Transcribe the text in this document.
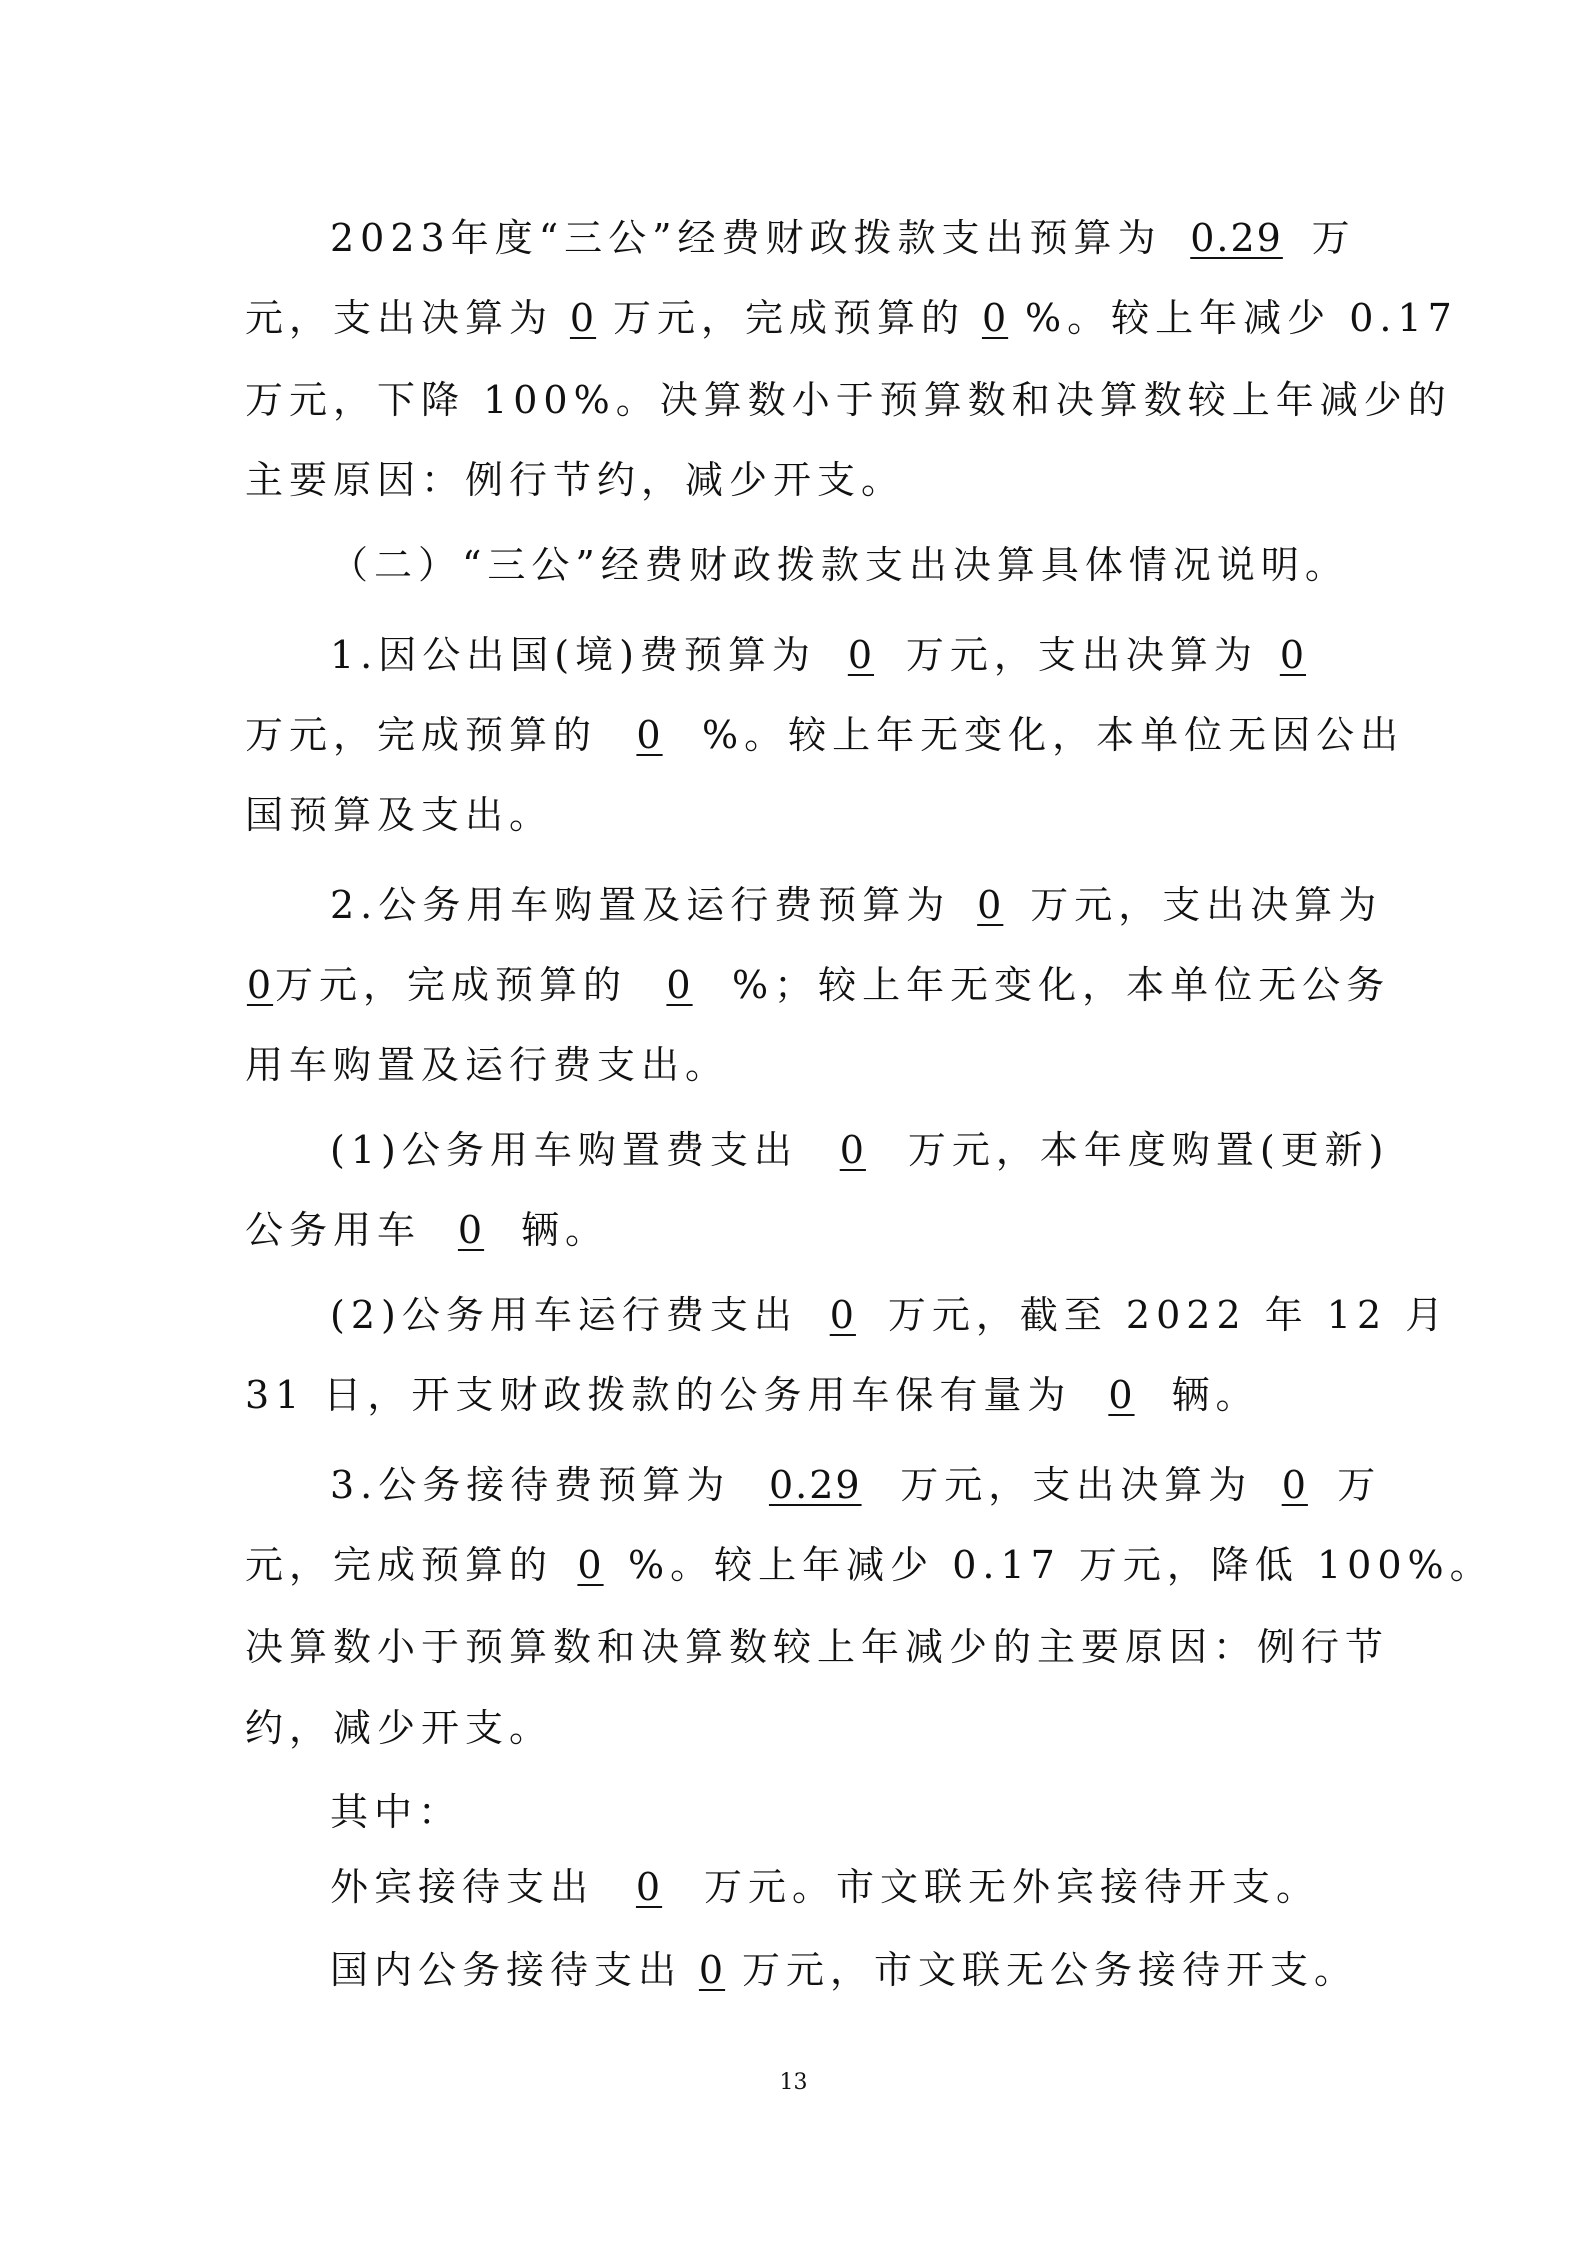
2023年度“三公”经费财政拨款支出预算为 0.29 万

元，支出决算为 0 万元，完成预算的 0 %。较上年减少 0.17

万元，下降 100%。决算数小于预算数和决算数较上年减少的

主要原因：例行节约，减少开支。

（二）“三公”经费财政拨款支出决算具体情况说明。

1.因公出国(境)费预算为 0 万元，支出决算为 0

万元，完成预算的 0 %。较上年无变化，本单位无因公出

国预算及支出。

2.公务用车购置及运行费预算为 0 万元，支出决算为

0万元，完成预算的 0 %；较上年无变化，本单位无公务

用车购置及运行费支出。

(1)公务用车购置费支出 0 万元，本年度购置(更新)

公务用车 0 辆。

(2)公务用车运行费支出 0 万元，截至 2022 年 12 月

31 日，开支财政拨款的公务用车保有量为 0 辆。

3.公务接待费预算为 0.29 万元，支出决算为 0 万

元，完成预算的 0 %。较上年减少 0.17 万元，降低 100%。

决算数小于预算数和决算数较上年减少的主要原因：例行节

约，减少开支。

其中：

外宾接待支出 0 万元。市文联无外宾接待开支。

国内公务接待支出 0 万元，市文联无公务接待开支。

13
